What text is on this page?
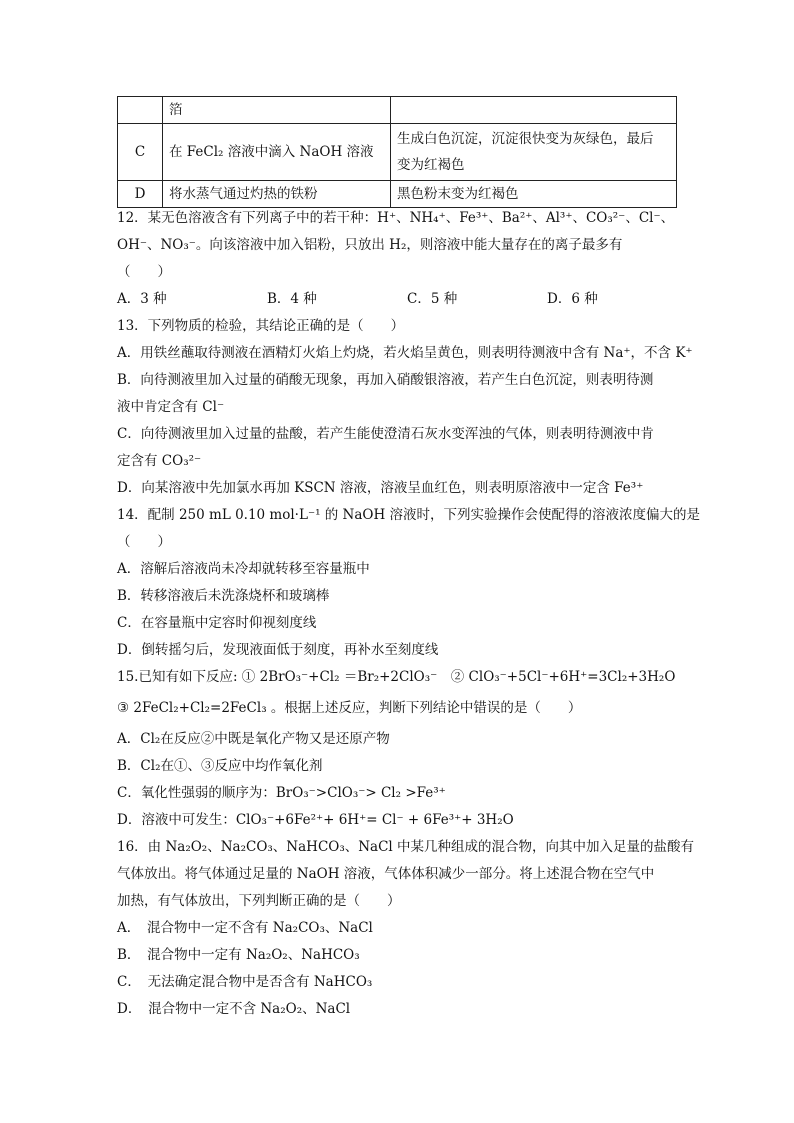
	箔	
C	在 FeCl₂ 溶液中滴入 NaOH 溶液	生成白色沉淀，沉淀很快变为灰绿色，最后
变为红褐色

D	将水蒸气通过灼热的铁粉	黑色粉末变为红褐色
12．某无色溶液含有下列离子中的若干种：H⁺、NH₄⁺、Fe³⁺、Ba²⁺、Al³⁺、CO₃²⁻、Cl⁻、
OH⁻、NO₃⁻。向该溶液中加入铝粉，只放出 H₂，则溶液中能大量存在的离子最多有
（　　）
A．3 种	B．4 种	C．5 种	D．6 种
13．下列物质的检验，其结论正确的是（　　）
A．用铁丝蘸取待测液在酒精灯火焰上灼烧，若火焰呈黄色，则表明待测液中含有 Na⁺，不含 K⁺
B．向待测液里加入过量的硝酸无现象，再加入硝酸银溶液，若产生白色沉淀，则表明待测
液中肯定含有 Cl⁻
C．向待测液里加入过量的盐酸，若产生能使澄清石灰水变浑浊的气体，则表明待测液中肯
定含有 CO₃²⁻
D．向某溶液中先加氯水再加 KSCN 溶液，溶液呈血红色，则表明原溶液中一定含 Fe³⁺
14．配制 250 mL 0.10 mol·L⁻¹ 的 NaOH 溶液时，下列实验操作会使配得的溶液浓度偏大的是
（　　）
A．溶解后溶液尚未冷却就转移至容量瓶中
B．转移溶液后未洗涤烧杯和玻璃棒
C．在容量瓶中定容时仰视刻度线
D．倒转摇匀后，发现液面低于刻度，再补水至刻度线
15.已知有如下反应: ① 2BrO₃⁻+Cl₂ ＝Br₂+2ClO₃⁻　② ClO₃⁻+5Cl⁻+6H⁺=3Cl₂+3H₂O
③ 2FeCl₂+Cl₂=2FeCl₃ 。根据上述反应，判断下列结论中错误的是（　　）
A．Cl₂在反应②中既是氧化产物又是还原产物
B．Cl₂在①、③反应中均作氧化剂
C．氧化性强弱的顺序为：BrO₃⁻>ClO₃⁻> Cl₂ >Fe³⁺
D．溶液中可发生：ClO₃⁻+6Fe²⁺+ 6H⁺= Cl⁻ + 6Fe³⁺+ 3H₂O
16．由 Na₂O₂、Na₂CO₃、NaHCO₃、NaCl 中某几种组成的混合物，向其中加入足量的盐酸有
气体放出。将气体通过足量的 NaOH 溶液，气体体积减少一部分。将上述混合物在空气中
加热，有气体放出，下列判断正确的是（　　）
A．　混合物中一定不含有 Na₂CO₃、NaCl
B．　混合物中一定有 Na₂O₂、NaHCO₃
C．　无法确定混合物中是否含有 NaHCO₃
D．　混合物中一定不含 Na₂O₂、NaCl
